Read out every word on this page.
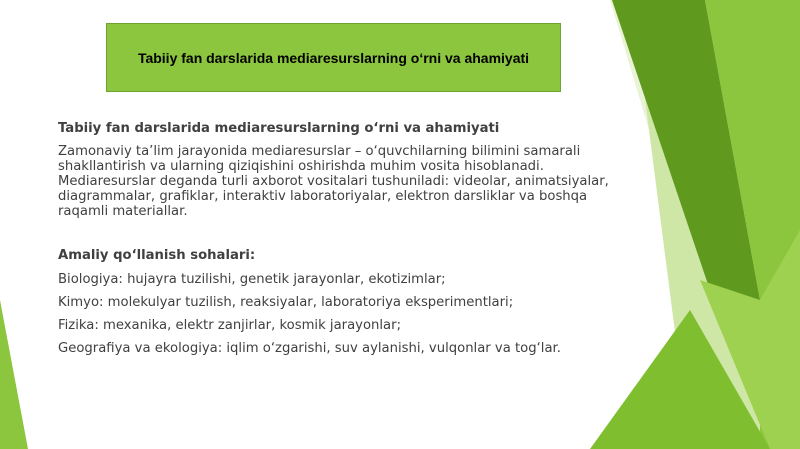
Tabiiy fan darslarida mediaresurslarning o‘rni va ahamiyati

Tabiiy fan darslarida mediaresurslarning o‘rni va ahamiyati

Zamonaviy ta’lim jarayonida mediaresurslar – o‘quvchilarning bilimini samarali shakllantirish va ularning qiziqishini oshirishda muhim vosita hisoblanadi. Mediaresurslar deganda turli axborot vositalari tushuniladi: videolar, animatsiyalar, diagrammalar, grafiklar, interaktiv laboratoriyalar, elektron darsliklar va boshqa raqamli materiallar.

Amaliy qo‘llanish sohalari:

Biologiya: hujayra tuzilishi, genetik jarayonlar, ekotizimlar;

Kimyo: molekulyar tuzilish, reaksiyalar, laboratoriya eksperimentlari;

Fizika: mexanika, elektr zanjirlar, kosmik jarayonlar;

Geografiya va ekologiya: iqlim o‘zgarishi, suv aylanishi, vulqonlar va tog‘lar.
